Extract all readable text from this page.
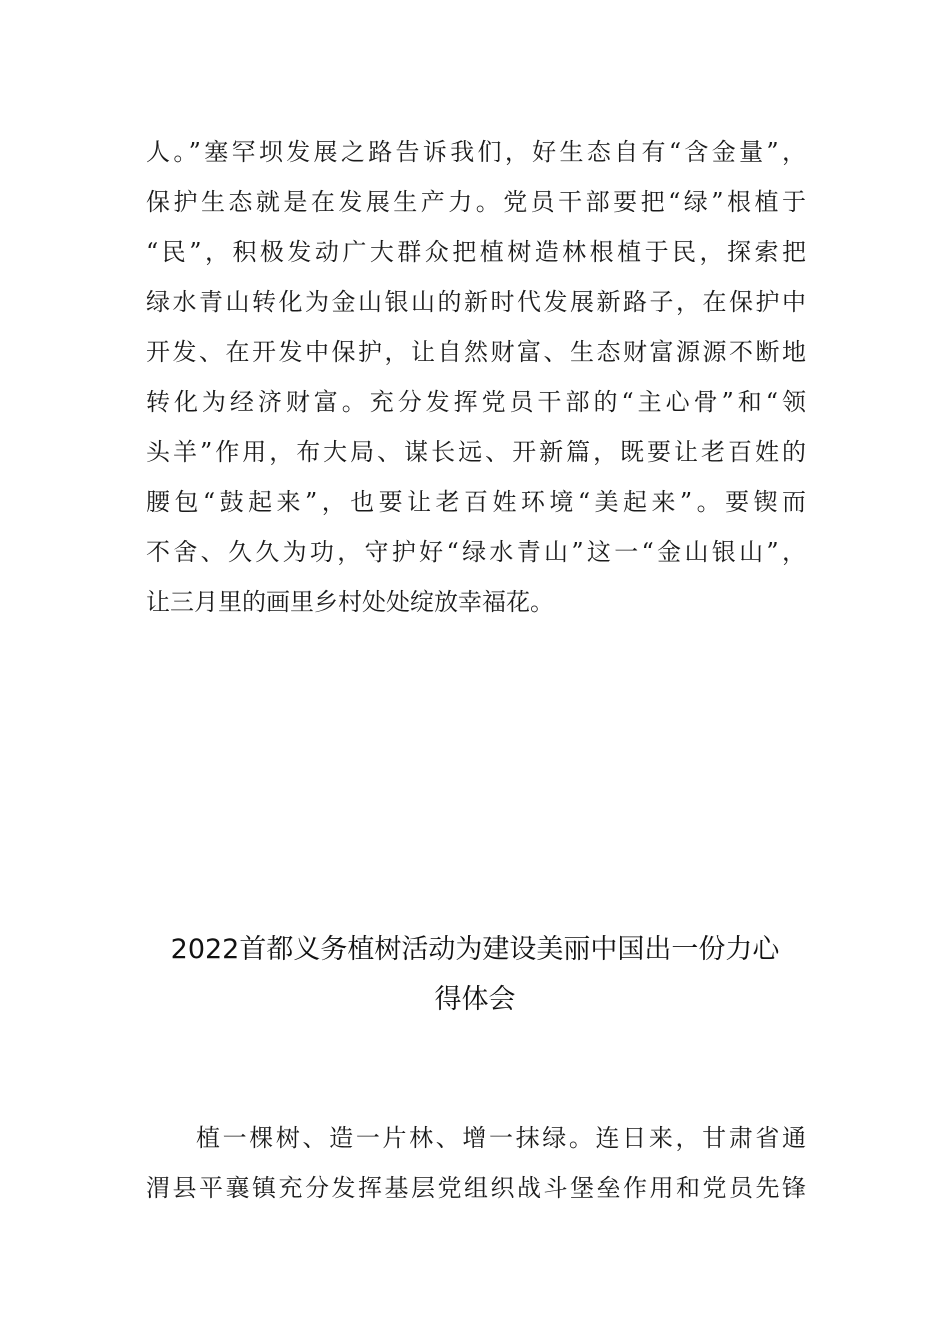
人。”塞罕坝发展之路告诉我们，好生态自有“含金量”，
保护生态就是在发展生产力。党员干部要把“绿”根植于
“民”，积极发动广大群众把植树造林根植于民，探索把
绿水青山转化为金山银山的新时代发展新路子，在保护中
开发、在开发中保护，让自然财富、生态财富源源不断地
转化为经济财富。充分发挥党员干部的“主心骨”和“领
头羊”作用，布大局、谋长远、开新篇，既要让老百姓的
腰包“鼓起来”，也要让老百姓环境“美起来”。要锲而
不舍、久久为功，守护好“绿水青山”这一“金山银山”，
让三月里的画里乡村处处绽放幸福花。
2022首都义务植树活动为建设美丽中国出一份力心
得体会
植一棵树、造一片林、增一抹绿。连日来，甘肃省通
渭县平襄镇充分发挥基层党组织战斗堡垒作用和党员先锋
